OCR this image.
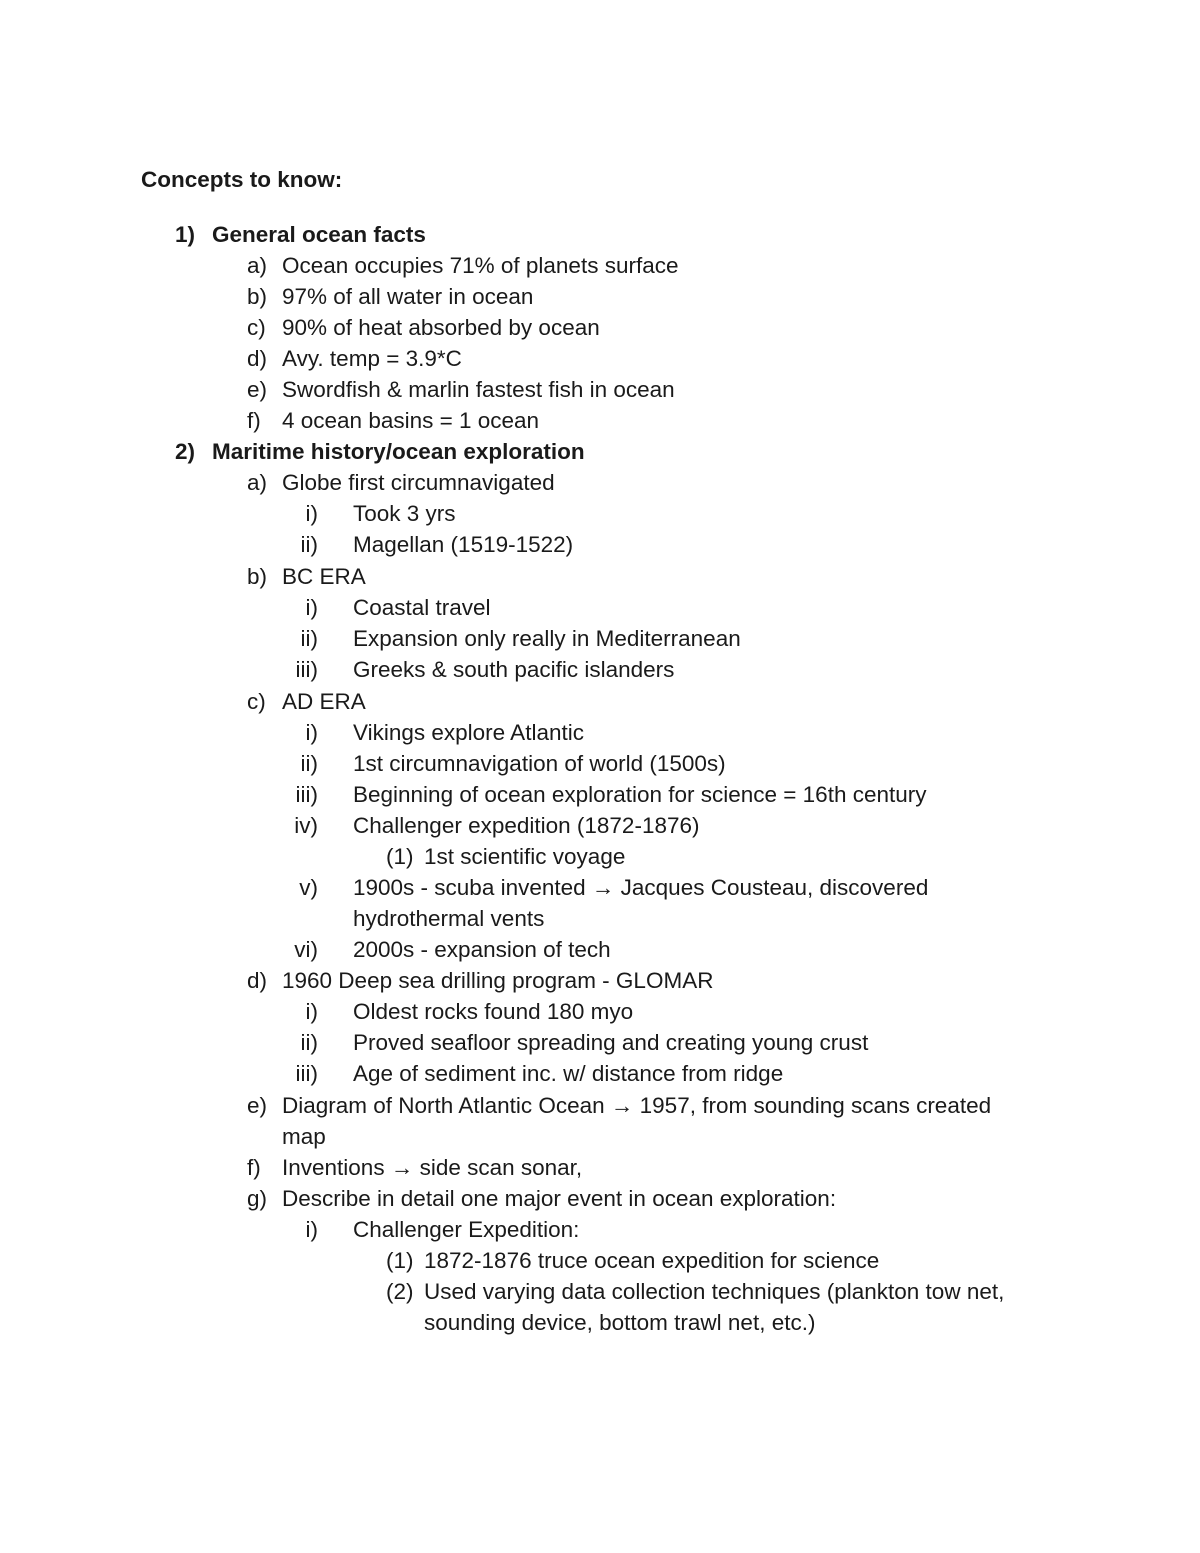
Concepts to know:
1) General ocean facts
a) Ocean occupies 71% of planets surface
b) 97% of all water in ocean
c) 90% of heat absorbed by ocean
d) Avy. temp = 3.9*C
e) Swordfish & marlin fastest fish in ocean
f) 4 ocean basins = 1 ocean
2) Maritime history/ocean exploration
a) Globe first circumnavigated
i) Took 3 yrs
ii) Magellan (1519-1522)
b) BC ERA
i) Coastal travel
ii) Expansion only really in Mediterranean
iii) Greeks & south pacific islanders
c) AD ERA
i) Vikings explore Atlantic
ii) 1st circumnavigation of world (1500s)
iii) Beginning of ocean exploration for science = 16th century
iv) Challenger expedition (1872-1876)
(1) 1st scientific voyage
v) 1900s - scuba invented → Jacques Cousteau, discovered
hydrothermal vents
vi) 2000s - expansion of tech
d) 1960 Deep sea drilling program - GLOMAR
i) Oldest rocks found 180 myo
ii) Proved seafloor spreading and creating young crust
iii) Age of sediment inc. w/ distance from ridge
e) Diagram of North Atlantic Ocean → 1957, from sounding scans created
map
f) Inventions → side scan sonar,
g) Describe in detail one major event in ocean exploration:
i) Challenger Expedition:
(1) 1872-1876 truce ocean expedition for science
(2) Used varying data collection techniques (plankton tow net,
sounding device, bottom trawl net, etc.)
